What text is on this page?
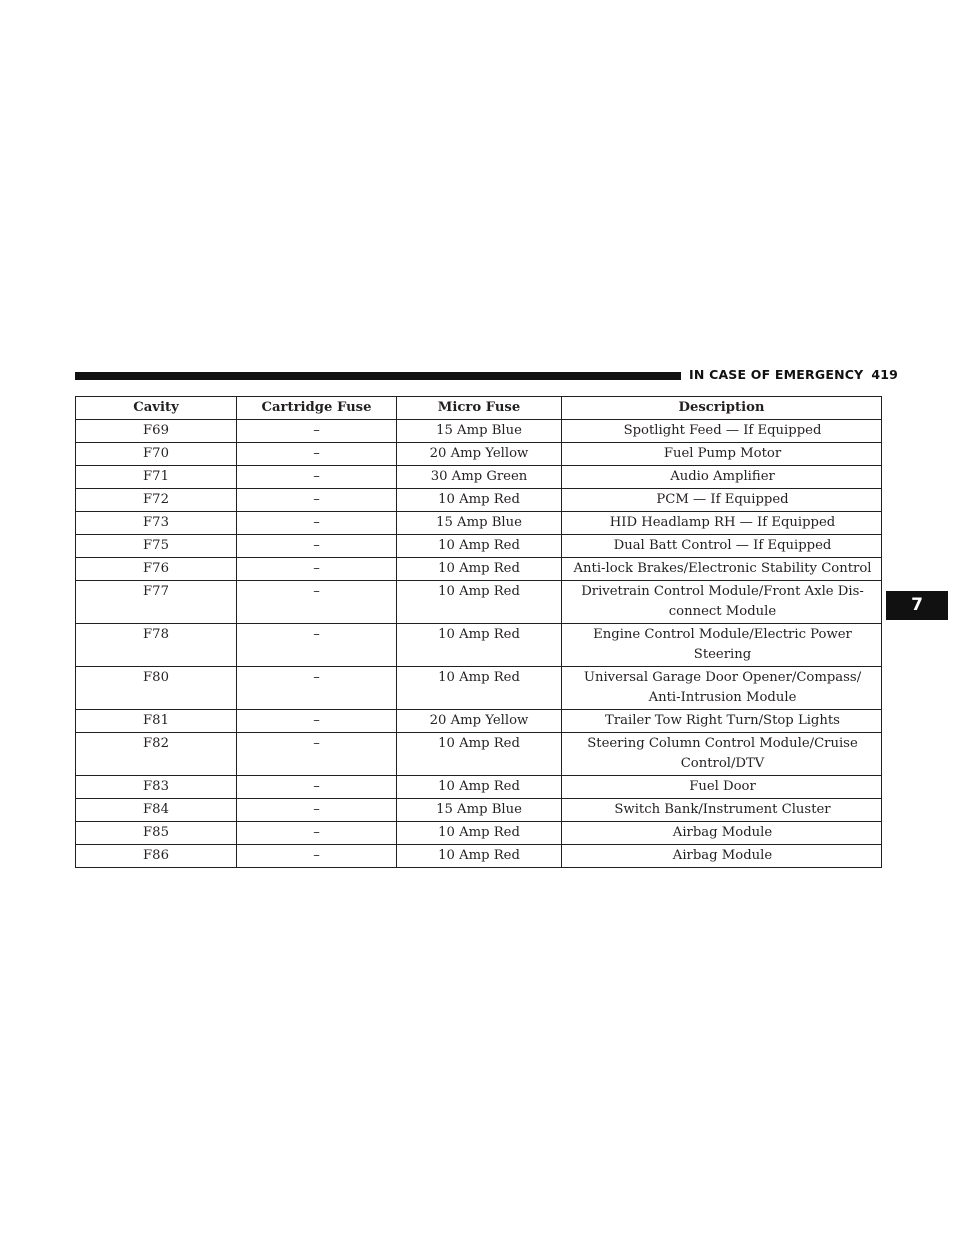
IN CASE OF EMERGENCY 419
7
Cavity	Cartridge Fuse	Micro Fuse	Description
F69	–	15 Amp Blue	Spotlight Feed — If Equipped
F70	–	20 Amp Yellow	Fuel Pump Motor
F71	–	30 Amp Green	Audio Amplifier
F72	–	10 Amp Red	PCM — If Equipped
F73	–	15 Amp Blue	HID Headlamp RH — If Equipped
F75	–	10 Amp Red	Dual Batt Control — If Equipped
F76	–	10 Amp Red	Anti-lock Brakes/Electronic Stability Control
F77	–	10 Amp Red	Drivetrain Control Module/Front Axle Dis-
connect Module
F78	–	10 Amp Red	Engine Control Module/Electric Power
Steering
F80	–	10 Amp Red	Universal Garage Door Opener/Compass/
Anti-Intrusion Module
F81	–	20 Amp Yellow	Trailer Tow Right Turn/Stop Lights
F82	–	10 Amp Red	Steering Column Control Module/Cruise
Control/DTV
F83	–	10 Amp Red	Fuel Door
F84	–	15 Amp Blue	Switch Bank/Instrument Cluster
F85	–	10 Amp Red	Airbag Module
F86	–	10 Amp Red	Airbag Module
